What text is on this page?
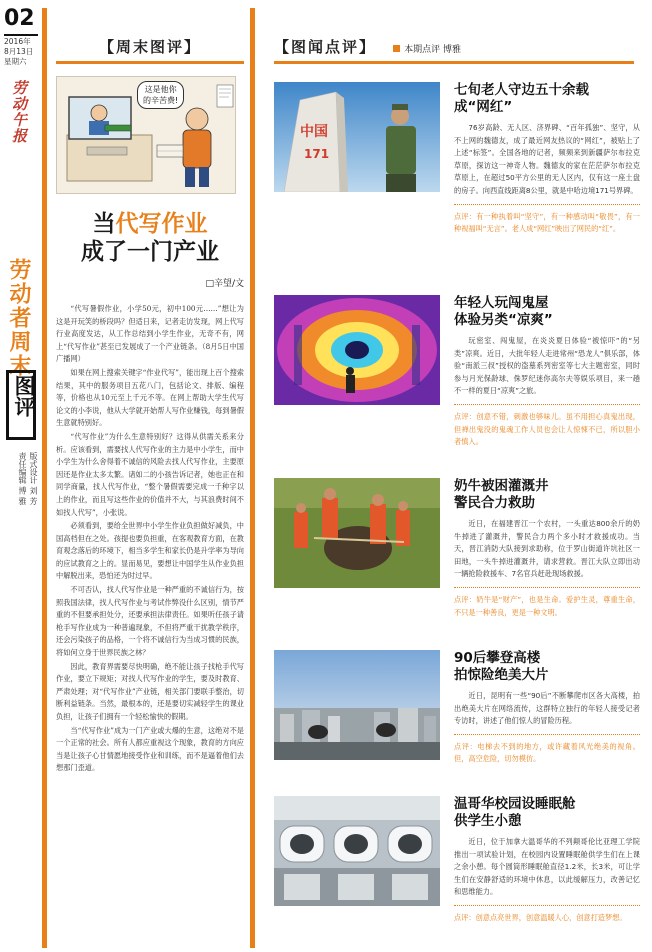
02
2016年
8月13日
星期六
劳动午报
劳动者周末
图评
版式设计 刘 芳
责任编辑 博 雅
【周末图评】
这是他你
的辛苦费!
当代写作业
成了一门产业
□辛望/文

“代写暑假作业，小学50元，初中100元……”想让为这是开玩笑的桥段吗？但适日来，记者走访发现，网上代写行业高度发达，从工作总结到小学生作业，无奇不有，网上“代写作业”甚至已发展成了一个产业链条。（8月5日中国广播网）

如果在网上搜索关键字“作业代写”，能出现上百个搜索结果，其中的服务项目五花八门，包括论文、排版、编程等，价格也从10元至上千元不等。在网上帮助大学生代写论文的小李说，他从大学就开始帮人写作业赚钱，每到暑假生意就特别好。

“代写作业”为什么生意特别好？这得从供需关系来分析。应该看到，需要找人代写作业的主力是中小学生，而中小学生为什么舍得着不诚信的风险去找人代写作业，主要原因还是作业太多太繁。诸如二的小孩告诉记者，她也正在和同学商量，找人代写作业，“整个暑假需要完成一千种字以上的作业，而且写这些作业的价值并不大，与其浪费时间不如找人代写”，小张说。

必须看到，要给全世界中小学生作业负担做好减负，中国高档但在之处。孩提也要负担重，在客观教育方面，在教育观念落后的环境下，相当多学生和家长仍是升学率为导向的应试教育之上的。显而易见，要想让中国学生从作业负担中解脱出来，恐怕还为时过早。

不可否认，找人代写作业是一种严重的不诚信行为，按照我国法律，找人代写作业与考试作弊没什么区别，情节严重的不但要承担处分，还要承担法律责任。如果听任孩子请枪手写作业成为一种普遍现象，不但将严重干扰教学秩序，还会污染孩子的品格，一个将不诚信行为当成习惯的民族，将如何立身于世界民族之林？

因此，教育界需要尽快明确，绝不能让孩子找枪手代写作业，要立下规矩；对找人代写作业的学生，要及时教育、严肃处理；对“代写作业”产业链，相关部门要联手整治，切断利益链条。当然，最根本的，还是要切实减轻学生的课业负担，让孩子们拥有一个轻松愉快的假期。

当“代写作业”成为一门产业或大爆的生意，这绝对不是一个正常的社会。所有人都应重视这个现象，教育的方向应当是让孩子心甘情愿地接受作业和训练，而不是逼着他们去想那门歪道。

【图闻点评】	本期点评 博雅
中国
171
七旬老人守边五十余载
成“网红”
76岁高龄、无人区、济界碑、“百年孤独”、坚守，从不上网的魏德友，成了最近网友热议的“网红”，被贴上了上述“标签”。全国各地的记者，频频来到新疆萨尔布拉克草原，探访这一神奇人物。魏德友的家在茫茫萨尔布拉克草原上，在超过50平方公里的无人区内，仅有这一座土盘的房子。向西直线距离8公里，就是中哈边境171号界碑。
点评：有一种执着叫“坚守”，有一种感动叫“敬畏”，有一种视福叫“无言”。老人成“网红”映出了网民的“红”。
年轻人玩闯鬼屋
体验另类“凉爽”
玩密室、闯鬼屋，在炎炎夏日体验“被惊吓”的“另类”凉爽。近日，大批年轻人走进常州“恐龙人”俱乐部，体验“南派三叔”授权的盗墓系列密室等七大主题密室，同时参与月光保龄球、侏罗纪迷你高尔夫等娱乐项目，来一趟不一样的夏日“凉爽”之旅。
点评：创意不错，刺激也够味儿。虽不用担心真鬼出现，但禅出鬼没的鬼魂工作人员也会让人惊悚不已，所以胆小者慎入。
奶牛被困灌溉井
警民合力救助
近日，在福建晋江一个农村，一头重达800余斤的奶牛掉进了灌溉井，警民合力两个多小时才救援成功。当天，晋江消防大队接到求助称，位于罗山街道许坑社区一田地，一头牛掉进灌溉井，请求营救。晋江大队立即出动一辆抢险救援车、7名官兵赶赴现场救援。
点评：奶牛是“财产”，也是生命。爱护生灵，尊重生命，不只是一种善良，更是一种文明。
90后攀登高楼
拍惊险绝美大片
近日，昆明有一些“90后”不断攀爬市区各大高楼，拍出绝美大片在网络流传，这群特立独行的年轻人接受记者专访时，讲述了他们惊人的冒险历程。
点评：电梯去不到的地方，或许藏着风光绝美的视角。但，高空危险，切勿模仿。
温哥华校园设睡眠舱
供学生小憩
近日，位于加拿大温哥华的不列颠哥伦比亚理工学院推出一项试验计划，在校园内设置睡眠舱供学生们在上课之余小憩。每个圆筒形睡眠舱直径1.2米，长3米，可让学生们在安静舒适的环境中休息，以此缓解压力，改善记忆和思维能力。
点评：创意点亮世界，创意温暖人心，创意打造梦想。
